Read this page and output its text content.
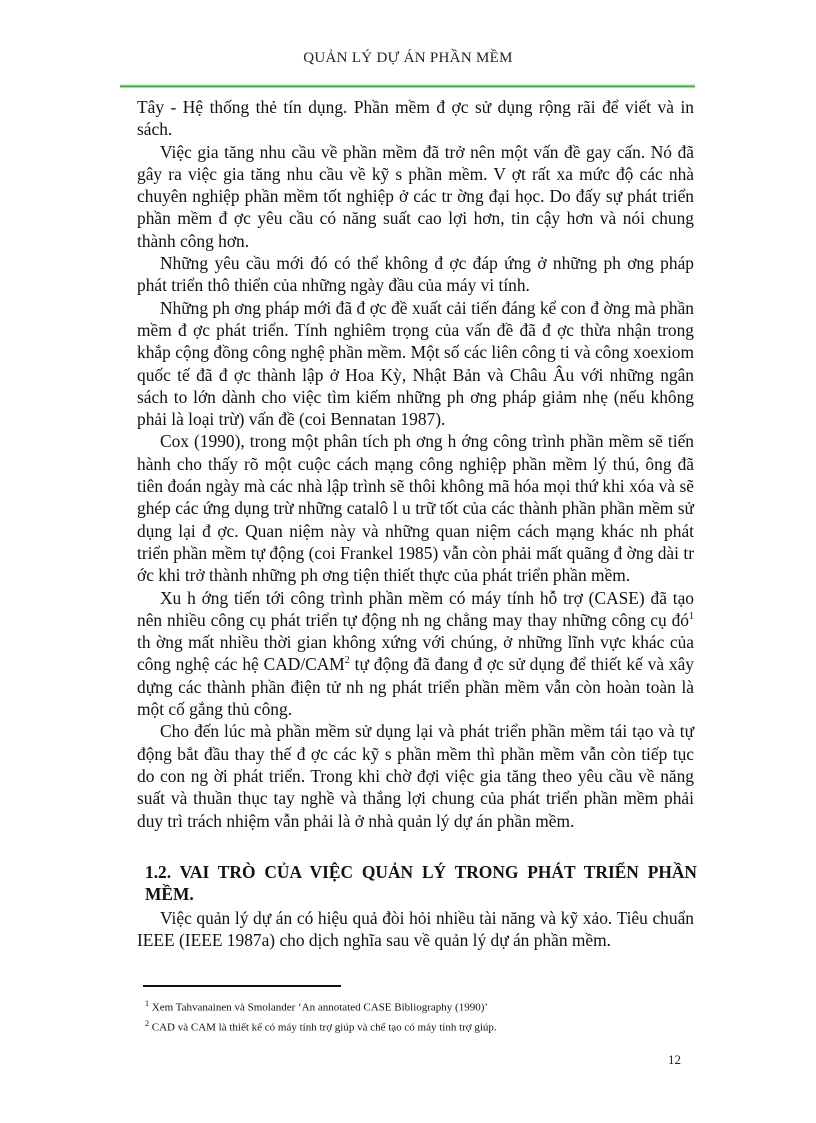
QUẢN LÝ DỰ ÁN PHẦN MỀM

Tây - Hệ thống thẻ tín dụng. Phần mềm đ ợc sử dụng rộng rãi để viết và in sách.

Việc gia tăng nhu cầu về phần mềm đã trở nên một vấn đề gay cấn. Nó đã gây ra việc gia tăng nhu cầu về kỹ s phần mềm. V ợt rất xa mức độ các nhà chuyên nghiệp phần mềm tốt nghiệp ở các tr ờng đại học. Do đấy sự phát triển phần mềm đ ợc yêu cầu có năng suất cao lợi hơn, tin cậy hơn và nói chung thành công hơn.

Những yêu cầu mới đó có thể không đ ợc đáp ứng ở những ph ơng pháp phát triển thô thiển của những ngày đầu của máy vi tính.

Những ph ơng pháp mới đã đ ợc đề xuất cải tiến đáng kể con đ ờng mà phần mềm đ ợc phát triển. Tính nghiêm trọng của vấn đề đã đ ợc thừa nhận trong khắp cộng đồng công nghệ phần mềm. Một số các liên công ti và công xoexiom quốc tế đã đ ợc thành lập ở Hoa Kỳ, Nhật Bản và Châu Âu với những ngân sách to lớn dành cho việc tìm kiếm những ph ơng pháp giảm nhẹ (nếu không phải là loại trừ) vấn đề (coi Bennatan 1987).

Cox (1990), trong một phân tích ph ơng h ớng công trình phần mềm sẽ tiến hành cho thấy rõ một cuộc cách mạng công nghiệp phần mềm lý thú, ông đã tiên đoán ngày mà các nhà lập trình sẽ thôi không mã hóa mọi thứ khi xóa và sẽ ghép các ứng dụng trừ những catalô l u trữ tốt của các thành phần phần mềm sử dụng lại đ ợc. Quan niệm này và những quan niệm cách mạng khác nh phát triển phần mềm tự động (coi Frankel 1985) vẫn còn phải mất quãng đ ờng dài tr ớc khi trở thành những ph ơng tiện thiết thực của phát triển phần mềm.

Xu h ớng tiến tới công trình phần mềm có máy tính hỗ trợ (CASE) đã tạo nên nhiều công cụ phát triển tự động nh ng chẳng may thay những công cụ $đó^1$ th ờng mất nhiều thời gian không xứng với chúng, ở những lĩnh vực khác của công nghệ các hệ CAD/CAM$^2$ tự động đã đang đ ợc sử dụng để thiết kế và xây dựng các thành phần điện tử nh ng phát triển phần mềm vẫn còn hoàn toàn là một cố gắng thủ công.

Cho đến lúc mà phần mềm sử dụng lại và phát triển phần mềm tái tạo và tự động bắt đầu thay thế đ ợc các kỹ s phần mềm thì phần mềm vẫn còn tiếp tục do con ng ời phát triển. Trong khi chờ đợi việc gia tăng theo yêu cầu về năng suất và thuần thục tay nghề và thắng lợi chung của phát triển phần mềm phải duy trì trách nhiệm vẫn phải là ở nhà quản lý dự án phần mềm.

1.2. VAI TRÒ CỦA VIỆC QUẢN LÝ TRONG PHÁT TRIỂN PHẦN MỀM.

Việc quản lý dự án có hiệu quả đòi hỏi nhiều tài năng và kỹ xảo. Tiêu chuẩn IEEE (IEEE 1987a) cho dịch nghĩa sau về quản lý dự án phần mềm.

$^1$ Xem Tahvanainen và Smolander ‘An annotated CASE Bibliography (1990)’
$^2$ CAD và CAM là thiết kế có máy tính trợ giúp và chế tạo có máy tính trợ giúp.
12
